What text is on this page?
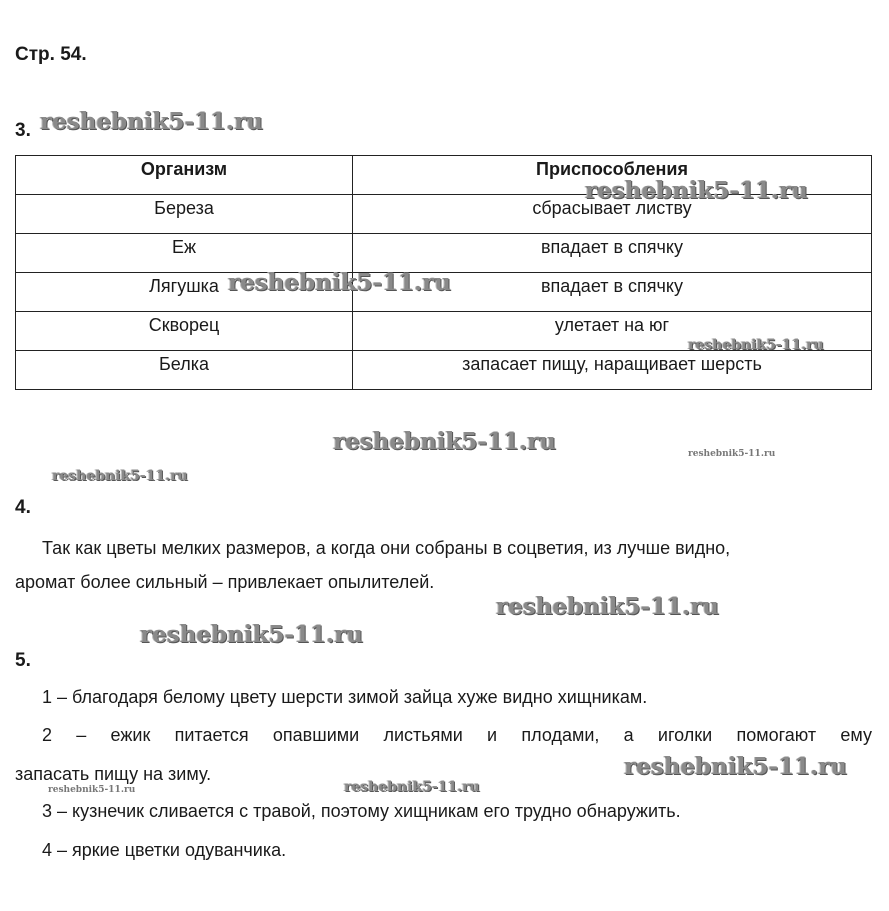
Стр. 54.
3.
Организм	Приспособления
Береза	сбрасывает листву
Еж	впадает в спячку
Лягушка	впадает в спячку
Скворец	улетает на юг
Белка	запасает пищу, наращивает шерсть
4.
Так как цветы мелких размеров, а когда они собраны в соцветия, из лучше видно,
аромат более сильный – привлекает опылителей.
5.
1 – благодаря белому цвету шерсти зимой зайца хуже видно хищникам.
2 – ежик питается опавшими листьями и плодами, а иголки помогают ему
запасать пищу на зиму.
3 – кузнечик сливается с травой, поэтому хищникам его трудно обнаружить.
4 – яркие цветки одуванчика.
reshebnik5-11.ru
reshebnik5-11.ru
reshebnik5-11.ru
reshebnik5-11.ru
reshebnik5-11.ru	reshebnik5-11.ru
reshebnik5-11.ru
reshebnik5-11.ru
reshebnik5-11.ru
reshebnik5-11.ru
reshebnik5-11.ru
reshebnik5-11.ru
